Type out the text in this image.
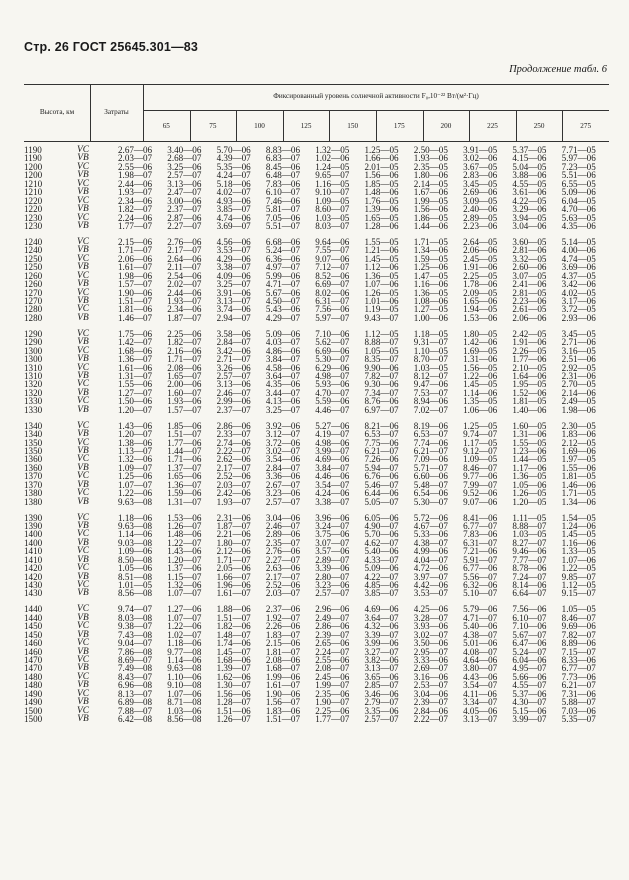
Стр. 26 ГОСТ 25645.301—83
Продолжение табл. 6
Высота, км	Затраты
Фиксированный уровень солнечной активности F₀,10⁻²² Вт/(м²·Гц)
65	75	100	125	150	175	200	225	250	275
1190	VC	2.67—06	3.40—06	5.70—06	8.83—06	1.32—05	1.25—05	2.50—05	3.91—05	5.37—05	7.71—05
1190	VB	2.03—07	2.68—07	4.39—07	6.83—07	1.02—06	1.66—06	1.93—06	3.02—06	4.15—06	5.97—06
1200	VC	2.55—06	3.25—06	5.35—06	8.45—06	1.24—05	2.01—05	2.35—05	3.67—05	5.04—05	7.23—05
1200	VB	1.98—07	2.57—07	4.24—07	6.48—07	9.65—07	1.56—06	1.80—06	2.83—06	3.88—06	5.51—06
1210	VC	2.44—06	3.13—06	5.18—06	7.83—06	1.16—05	1.85—05	2.14—05	3.45—05	4.55—05	6.55—05
1210	VB	1.93—07	2.47—07	4.02—07	6.10—07	9.10—07	1.48—06	1.67—06	2.69—06	3.61—06	5.09—06
1220	VC	2.34—06	3.00—06	4.93—06	7.46—06	1.09—05	1.76—05	1.99—05	3.09—05	4.22—05	6.04—05
1220	VB	1.82—07	2.37—07	3.85—07	5.81—07	8.60—07	1.39—06	1.56—06	2.40—06	3.29—06	4.70—06
1230	VC	2.24—06	2.87—06	4.74—06	7.05—06	1.03—05	1.65—05	1.86—05	2.89—05	3.94—05	5.63—05
1230	VB	1.77—07	2.27—07	3.69—07	5.51—07	8.03—07	1.28—06	1.44—06	2.23—06	3.04—06	4.35—06
1240	VC	2.15—06	2.76—06	4.56—06	6.68—06	9.64—06	1.55—05	1.71—05	2.64—05	3.60—05	5.14—05
1240	VB	1.71—07	2.17—07	3.53—07	5.24—07	7.55—07	1.21—06	1.34—06	2.06—06	2.81—06	4.00—06
1250	VC	2.06—06	2.64—06	4.29—06	6.36—06	9.07—06	1.45—05	1.59—05	2.45—05	3.32—05	4.74—05
1250	VB	1.61—07	2.11—07	3.38—07	4.97—07	7.12—07	1.12—06	1.25—06	1.91—06	2.60—06	3.69—06
1260	VC	1.98—06	2.54—06	4.09—06	5.99—06	8.52—06	1.36—05	1.47—05	2.25—05	3.07—05	4.37—05
1260	VB	1.57—07	2.02—07	3.25—07	4.71—07	6.69—07	1.07—06	1.16—06	1.78—06	2.41—06	3.42—06
1270	VC	1.90—06	2.44—06	3.91—06	5.67—06	8.02—06	1.26—05	1.36—05	2.09—05	2.81—05	4.02—05
1270	VB	1.51—07	1.93—07	3.13—07	4.50—07	6.31—07	1.01—06	1.08—06	1.65—06	2.23—06	3.17—06
1280	VC	1.81—06	2.34—06	3.74—06	5.43—06	7.56—06	1.19—05	1.27—05	1.94—05	2.61—05	3.72—05
1280	VB	1.46—07	1.87—07	2.94—07	4.29—07	5.97—07	9.43—07	1.00—06	1.53—06	2.06—06	2.93—06
1290	VC	1.75—06	2.25—06	3.58—06	5.09—06	7.10—06	1.12—05	1.18—05	1.80—05	2.42—05	3.45—05
1290	VB	1.42—07	1.82—07	2.84—07	4.03—07	5.62—07	8.88—07	9.31—07	1.42—06	1.91—06	2.71—06
1300	VC	1.68—06	2.16—06	3.42—06	4.86—06	6.69—06	1.05—05	1.10—05	1.69—05	2.26—05	3.16—05
1300	VB	1.36—07	1.71—07	2.71—07	3.84—07	5.30—07	8.35—07	8.70—07	1.31—06	1.77—06	2.51—06
1310	VC	1.61—06	2.08—06	3.26—06	4.58—06	6.29—06	9.90—06	1.03—05	1.56—05	2.10—05	2.92—05
1310	VB	1.31—07	1.65—07	2.57—07	3.64—07	4.98—07	7.82—07	8.12—07	1.22—06	1.64—06	2.31—06
1320	VC	1.55—06	2.00—06	3.13—06	4.35—06	5.93—06	9.30—06	9.47—06	1.45—05	1.95—05	2.70—05
1320	VB	1.27—07	1.60—07	2.46—07	3.44—07	4.70—07	7.34—07	7.53—07	1.14—06	1.52—06	2.14—06
1330	VC	1.50—06	1.93—06	2.99—06	4.13—06	5.59—06	8.76—06	8.94—06	1.35—05	1.81—05	2.49—05
1330	VB	1.20—07	1.57—07	2.37—07	3.25—07	4.46—07	6.97—07	7.02—07	1.06—06	1.40—06	1.98—06
1340	VC	1.43—06	1.85—06	2.86—06	3.92—06	5.27—06	8.21—06	8.19—06	1.25—05	1.60—05	2.30—05
1340	VB	1.20—07	1.51—07	2.33—07	3.12—07	4.19—07	6.53—07	6.53—07	9.74—07	1.31—06	1.83—06
1350	VC	1.38—06	1.77—06	2.74—06	3.72—06	4.98—06	7.75—06	7.74—06	1.17—05	1.55—05	2.12—05
1350	VB	1.13—07	1.44—07	2.22—07	3.02—07	3.99—07	6.21—07	6.21—07	9.12—07	1.23—06	1.69—06
1360	VC	1.32—06	1.71—06	2.62—06	3.54—06	4.69—06	7.26—06	7.09—06	1.09—05	1.44—05	1.97—05
1360	VB	1.09—07	1.37—07	2.17—07	2.84—07	3.84—07	5.94—07	5.71—07	8.46—07	1.17—06	1.55—06
1370	VC	1.25—06	1.65—06	2.52—06	3.36—06	4.46—06	6.76—06	6.60—06	9.77—06	1.36—05	1.81—05
1370	VB	1.07—07	1.36—07	2.03—07	2.67—07	3.54—07	5.46—07	5.48—07	7.99—07	1.05—06	1.46—06
1380	VC	1.22—06	1.59—06	2.42—06	3.23—06	4.24—06	6.44—06	6.54—06	9.52—06	1.26—05	1.71—05
1380	VB	9.63—08	1.31—07	1.93—07	2.57—07	3.38—07	5.05—07	5.30—07	9.07—06	1.20—05	1.34—06
1390	VC	1.18—06	1.53—06	2.31—06	3.04—06	3.96—06	6.05—06	5.72—06	8.41—06	1.11—05	1.54—05
1390	VB	9.63—08	1.26—07	1.87—07	2.46—07	3.24—07	4.90—07	4.67—07	6.77—07	8.88—07	1.24—06
1400	VC	1.14—06	1.48—06	2.21—06	2.89—06	3.75—06	5.70—06	5.33—06	7.83—06	1.03—05	1.45—05
1400	VB	9.03—08	1.22—07	1.80—07	2.35—07	3.07—07	4.62—07	4.38—07	6.31—07	8.27—07	1.16—06
1410	VC	1.09—06	1.43—06	2.12—06	2.76—06	3.57—06	5.40—06	4.99—06	7.21—06	9.46—06	1.33—05
1410	VB	8.50—08	1.20—07	1.71—07	2.27—07	2.89—07	4.33—07	4.04—07	5.91—07	7.77—07	1.07—06
1420	VC	1.05—06	1.37—06	2.05—06	2.63—06	3.39—06	5.09—06	4.72—06	6.77—06	8.78—06	1.22—05
1420	VB	8.51—08	1.15—07	1.66—07	2.17—07	2.80—07	4.22—07	3.97—07	5.56—07	7.24—07	9.85—07
1430	VC	1.01—05	1.32—06	1.96—06	2.52—06	3.23—06	4.85—06	4.42—06	6.32—06	8.14—06	1.12—05
1430	VB	8.56—08	1.07—07	1.61—07	2.03—07	2.57—07	3.85—07	3.53—07	5.10—07	6.64—07	9.15—07
1440	VC	9.74—07	1.27—06	1.88—06	2.37—06	2.96—06	4.69—06	4.25—06	5.79—06	7.56—06	1.05—05
1440	VB	8.03—08	1.07—07	1.51—07	1.92—07	2.49—07	3.64—07	3.28—07	4.71—07	6.10—07	8.46—07
1450	VC	9.38—07	1.22—06	1.82—06	2.26—06	2.86—06	4.32—06	3.93—06	5.40—06	7.10—06	9.69—06
1450	VB	7.43—08	1.02—07	1.48—07	1.83—07	2.39—07	3.39—07	3.02—07	4.38—07	5.67—07	7.82—07
1460	VC	9.04—07	1.18—06	1.74—06	2.15—06	2.65—06	3.99—06	3.50—06	5.01—06	6.47—06	8.89—06
1460	VB	7.86—08	9.77—08	1.45—07	1.81—07	2.24—07	3.27—07	2.95—07	4.08—07	5.24—07	7.15—07
1470	VC	8.69—07	1.14—06	1.68—06	2.08—06	2.55—06	3.82—06	3.33—06	4.64—06	6.04—06	8.33—06
1470	VB	7.49—08	9.63—08	1.39—07	1.68—07	2.08—07	3.13—07	2.69—07	3.80—07	4.95—07	6.77—07
1480	VC	8.43—07	1.10—06	1.62—06	1.99—06	2.45—06	3.65—06	3.16—06	4.43—06	5.66—06	7.73—06
1480	VB	6.96—08	9.10—08	1.30—07	1.61—07	1.99—07	2.85—07	2.53—07	3.54—07	4.55—07	6.21—07
1490	VC	8.13—07	1.07—06	1.56—06	1.90—06	2.35—06	3.46—06	3.04—06	4.11—06	5.37—06	7.31—06
1490	VB	6.89—08	8.71—08	1.28—07	1.56—07	1.90—07	2.79—07	2.39—07	3.34—07	4.30—07	5.88—07
1500	VC	7.88—07	1.03—06	1.51—06	1.83—06	2.25—06	3.35—06	2.84—06	4.05—06	5.15—06	7.03—06
1500	VB	6.42—08	8.56—08	1.26—07	1.51—07	1.77—07	2.57—07	2.22—07	3.13—07	3.99—07	5.35—07
